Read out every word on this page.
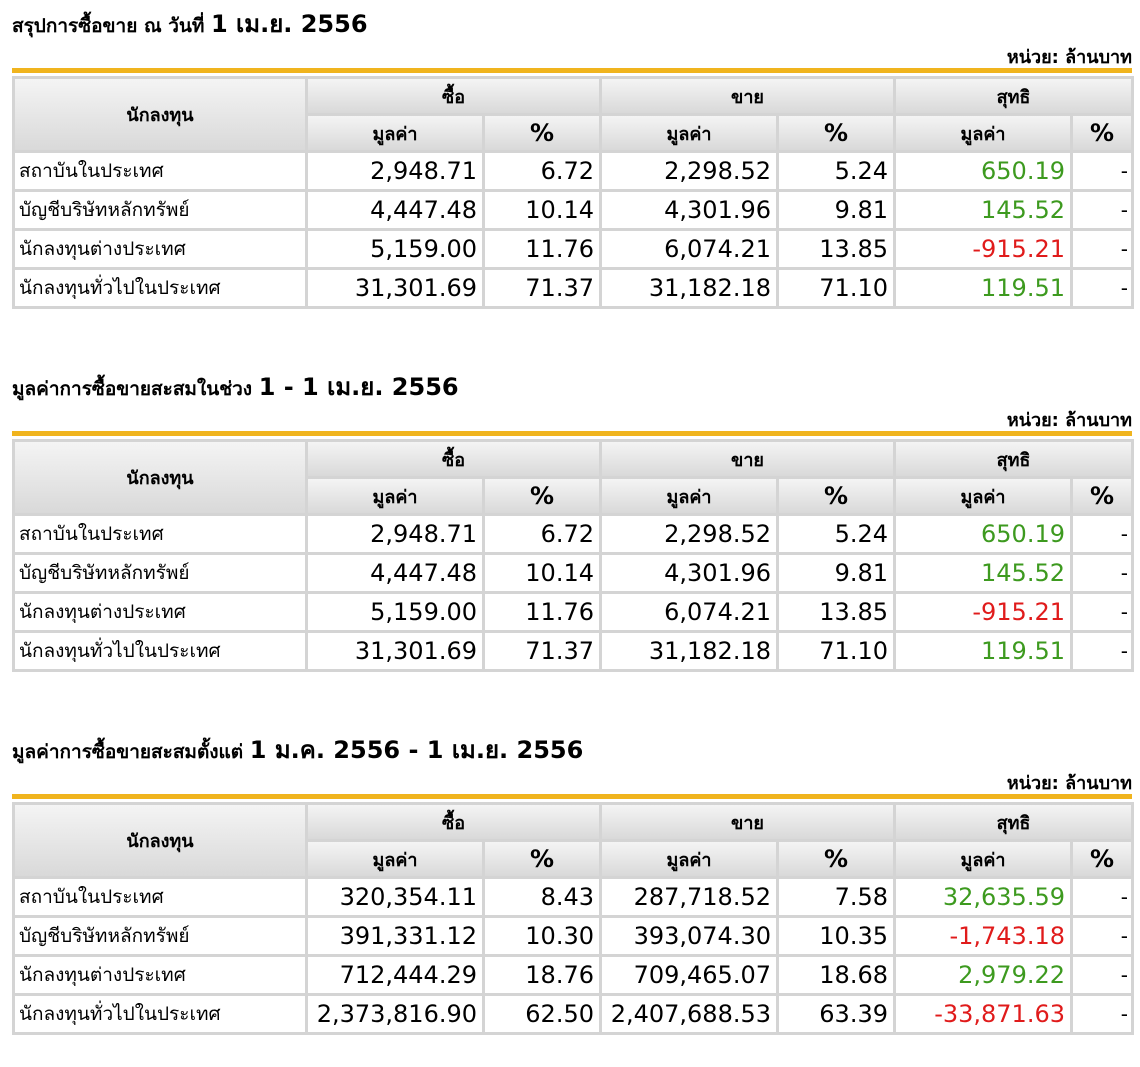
สรุปการซื้อขาย ณ วันที่ 1 เม.ย. 2556
หน่วย: ล้านบาท
นักลงทุน	ซื้อ		ขาย		สุทธิ	
	มูลค่า	%	มูลค่า	%	มูลค่า	%
สถาบันในประเทศ	2,948.71	6.72	2,298.52	5.24	650.19	-
บัญชีบริษัทหลักทรัพย์	4,447.48	10.14	4,301.96	9.81	145.52	-
นักลงทุนต่างประเทศ	5,159.00	11.76	6,074.21	13.85	-915.21	-
นักลงทุนทั่วไปในประเทศ	31,301.69	71.37	31,182.18	71.10	119.51	-
มูลค่าการซื้อขายสะสมในช่วง 1 - 1 เม.ย. 2556
หน่วย: ล้านบาท
นักลงทุน	ซื้อ		ขาย		สุทธิ	
	มูลค่า	%	มูลค่า	%	มูลค่า	%
สถาบันในประเทศ	2,948.71	6.72	2,298.52	5.24	650.19	-
บัญชีบริษัทหลักทรัพย์	4,447.48	10.14	4,301.96	9.81	145.52	-
นักลงทุนต่างประเทศ	5,159.00	11.76	6,074.21	13.85	-915.21	-
นักลงทุนทั่วไปในประเทศ	31,301.69	71.37	31,182.18	71.10	119.51	-
มูลค่าการซื้อขายสะสมตั้งแต่ 1 ม.ค. 2556 - 1 เม.ย. 2556
หน่วย: ล้านบาท
นักลงทุน	ซื้อ		ขาย		สุทธิ	
	มูลค่า	%	มูลค่า	%	มูลค่า	%
สถาบันในประเทศ	320,354.11	8.43	287,718.52	7.58	32,635.59	-
บัญชีบริษัทหลักทรัพย์	391,331.12	10.30	393,074.30	10.35	-1,743.18	-
นักลงทุนต่างประเทศ	712,444.29	18.76	709,465.07	18.68	2,979.22	-
นักลงทุนทั่วไปในประเทศ	2,373,816.90	62.50	2,407,688.53	63.39	-33,871.63	-
